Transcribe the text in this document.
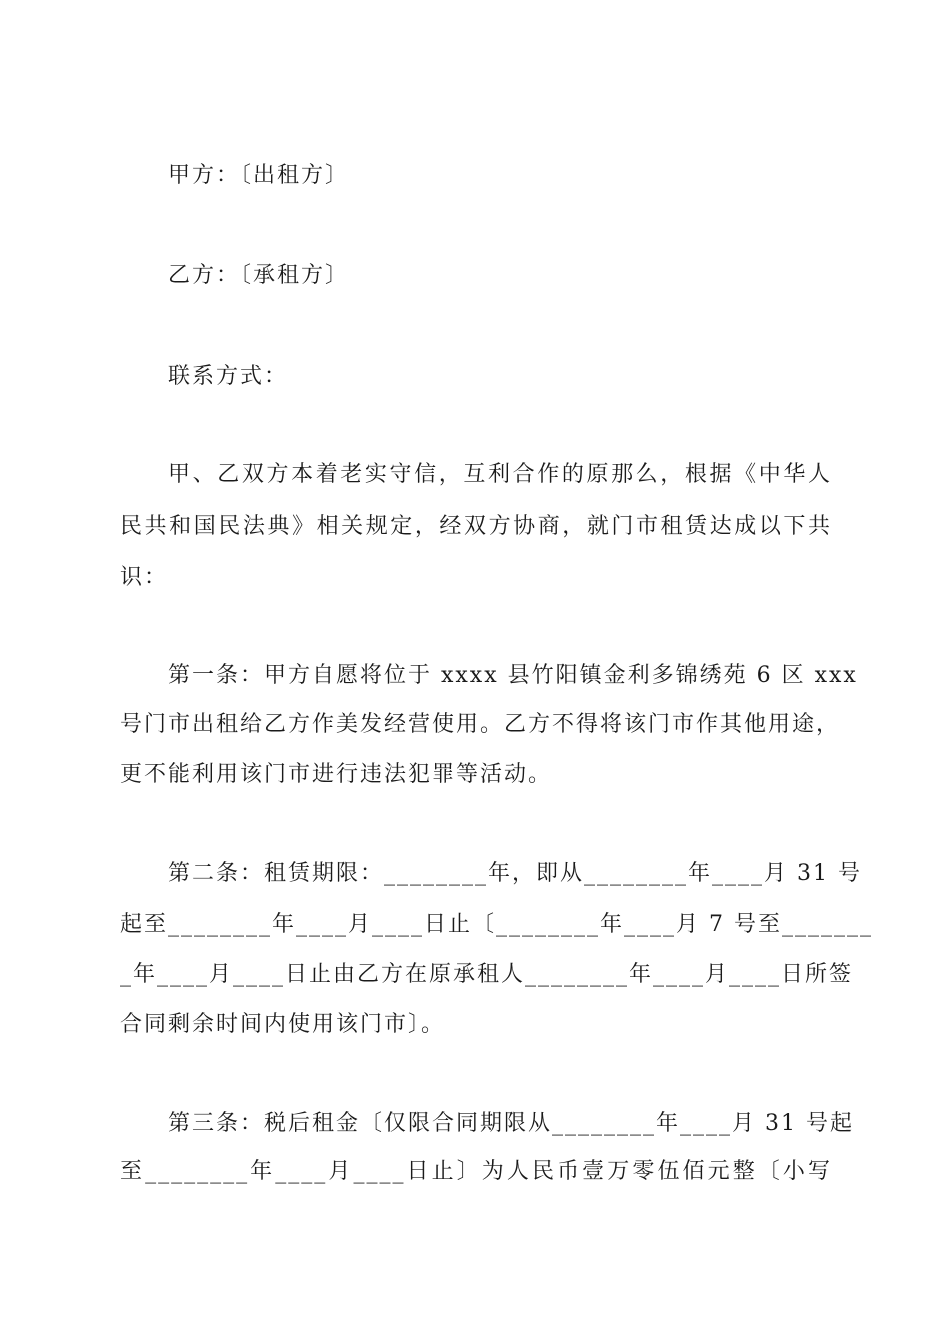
甲方：〔出租方〕
乙方：〔承租方〕
联系方式：
甲、乙双方本着老实守信，互利合作的原那么，根据《中华人
民共和国民法典》相关规定，经双方协商，就门市租赁达成以下共
识：
第一条：甲方自愿将位于 xxxx 县竹阳镇金利多锦绣苑 6 区 xxx
号门市出租给乙方作美发经营使用。乙方不得将该门市作其他用途，
更不能利用该门市进行违法犯罪等活动。
第二条：租赁期限：________年，即从________年____月 31 号
起至________年____月____日止〔________年____月 7 号至_______
_年____月____日止由乙方在原承租人________年____月____日所签
合同剩余时间内使用该门市〕。
第三条：税后租金〔仅限合同期限从________年____月 31 号起
至________年____月____日止〕为人民币壹万零伍佰元整〔小写
